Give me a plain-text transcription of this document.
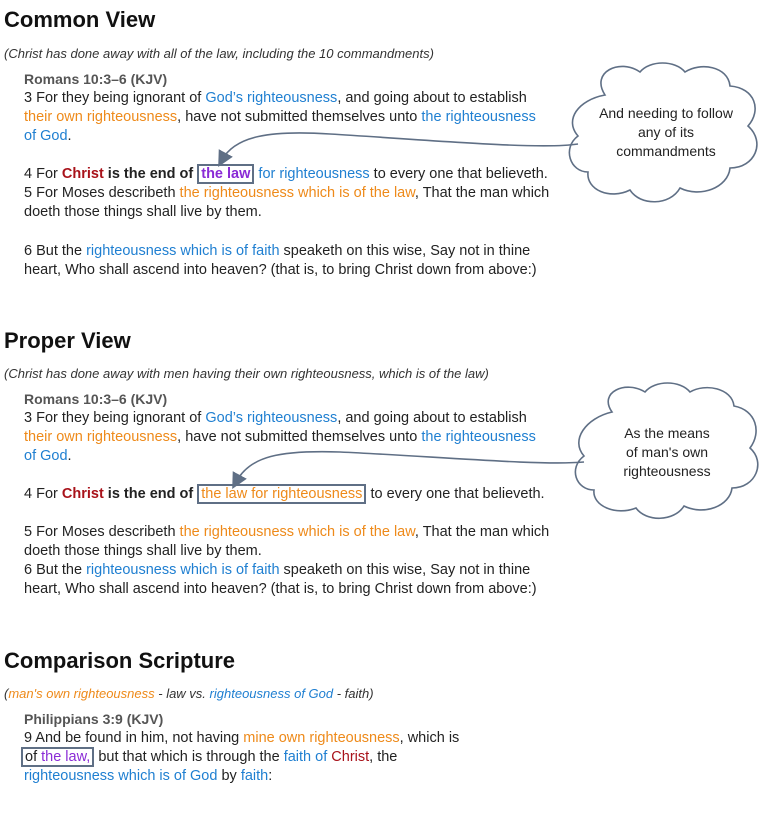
Common View
(Christ has done away with all of the law, including the 10 commandments)
Romans 10:3–6 (KJV)
3 For they being ignorant of God’s righteousness, and going about to establish
their own righteousness, have not submitted themselves unto the righteousness
of God.
4 For Christ is the end of the law for righteousness to every one that believeth.
5 For Moses describeth the righteousness which is of the law, That the man which
doeth those things shall live by them.
6 But the righteousness which is of faith speaketh on this wise, Say not in thine
heart, Who shall ascend into heaven? (that is, to bring Christ down from above:)
Proper View
(Christ has done away with men having their own righteousness, which is of the law)
Romans 10:3–6 (KJV)
3 For they being ignorant of God’s righteousness, and going about to establish
their own righteousness, have not submitted themselves unto the righteousness
of God.
4 For Christ is the end of the law for righteousness to every one that believeth.
5 For Moses describeth the righteousness which is of the law, That the man which
doeth those things shall live by them.
6 But the righteousness which is of faith speaketh on this wise, Say not in thine
heart, Who shall ascend into heaven? (that is, to bring Christ down from above:)
Comparison Scripture
(man's own righteousness - law vs. righteousness of God - faith)
Philippians 3:9 (KJV)
9 And be found in him, not having mine own righteousness, which is
of the law, but that which is through the faith of Christ, the
righteousness which is of God by faith:
And needing to follow
any of its
commandments
As the means
of man's own
righteousness
